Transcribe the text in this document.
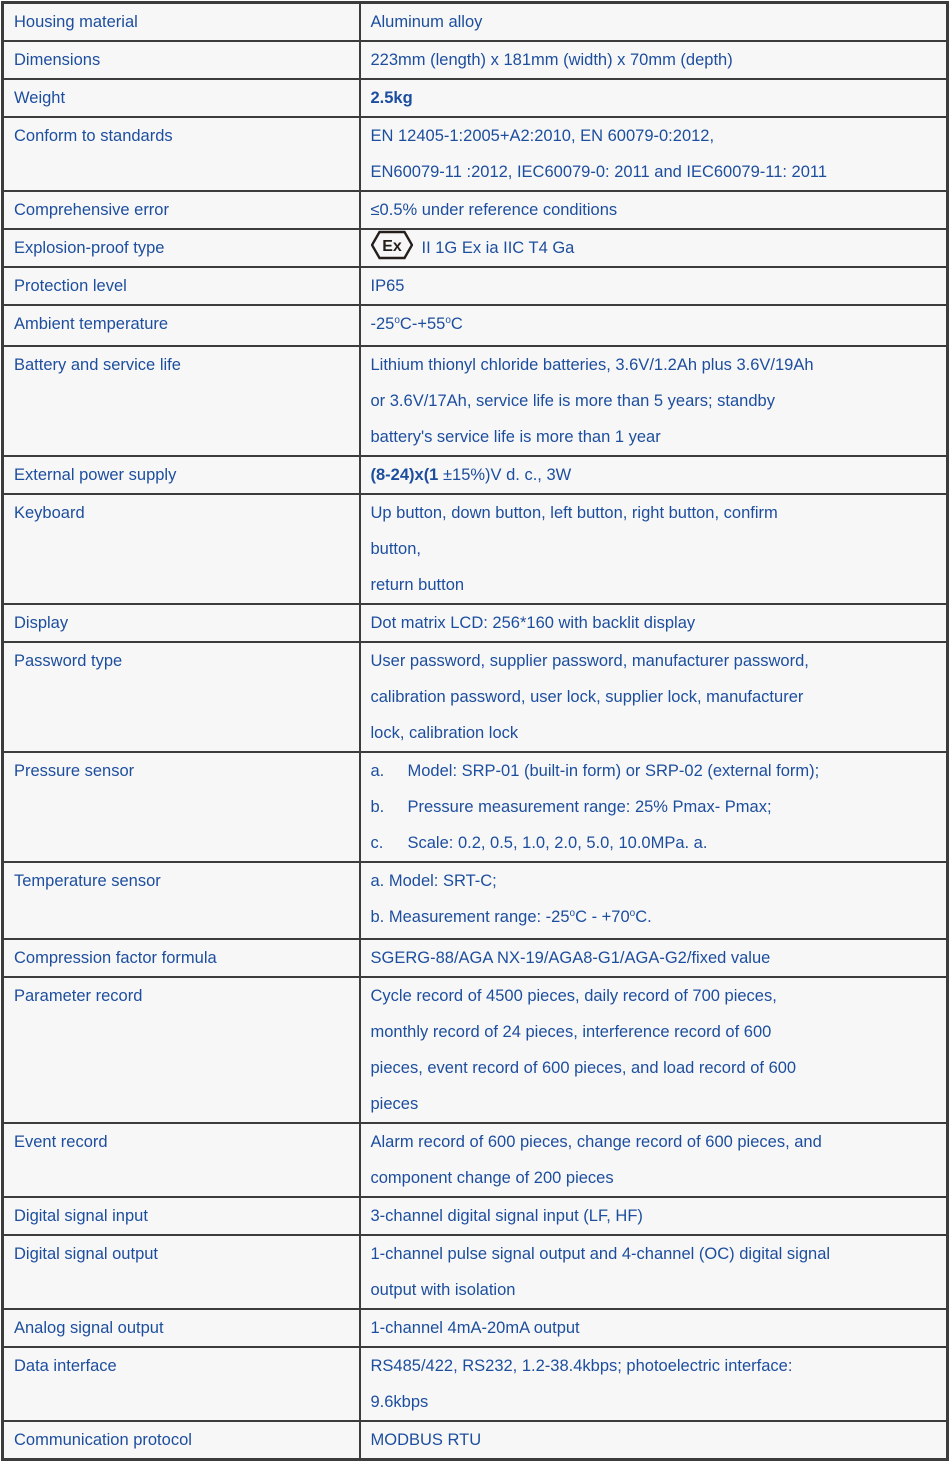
Housing material	Aluminum alloy

Dimensions	223mm (length) x 181mm (width) x 70mm (depth)

Weight	2.5kg

Conform to standards	EN 12405-1:2005+A2:2010, EN 60079-0:2012,
EN60079-11 :2012, IEC60079-0: 2011 and IEC60079-11: 2011

Comprehensive error	≤0.5% under reference conditions

Explosion-proof type	Ex II 1G Ex ia IIC T4 Ga

Protection level	IP65

Ambient temperature	$-25^oC-+55^oC$

Battery and service life	Lithium thionyl chloride batteries, 3.6V/1.2Ah plus 3.6V/19Ah
or 3.6V/17Ah, service life is more than 5 years; standby
battery's service life is more than 1 year

External power supply	(8-24)x(1 ±15%)V d. c., 3W

Keyboard	Up button, down button, left button, right button, confirm
button,
return button

Display	Dot matrix LCD: 256*160 with backlit display

Password type	User password, supplier password, manufacturer password,
calibration password, user lock, supplier lock, manufacturer
lock, calibration lock

Pressure sensor	a. Model: SRP-01 (built-in form) or SRP-02 (external form);
b. Pressure measurement range: 25% Pmax- Pmax;
c. Scale: 0.2, 0.5, 1.0, 2.0, 5.0, 10.0MPa. a.

Temperature sensor	a. Model: SRT-C;
b. Measurement range: $-25^oC - +70^oC$.

Compression factor formula	SGERG-88/AGA NX-19/AGA8-G1/AGA-G2/fixed value

Parameter record	Cycle record of 4500 pieces, daily record of 700 pieces,
monthly record of 24 pieces, interference record of 600
pieces, event record of 600 pieces, and load record of 600
pieces

Event record	Alarm record of 600 pieces, change record of 600 pieces, and
component change of 200 pieces

Digital signal input	3-channel digital signal input (LF, HF)

Digital signal output	1-channel pulse signal output and 4-channel (OC) digital signal
output with isolation

Analog signal output	1-channel 4mA-20mA output

Data interface	RS485/422, RS232, 1.2-38.4kbps; photoelectric interface:
9.6kbps

Communication protocol	MODBUS RTU
